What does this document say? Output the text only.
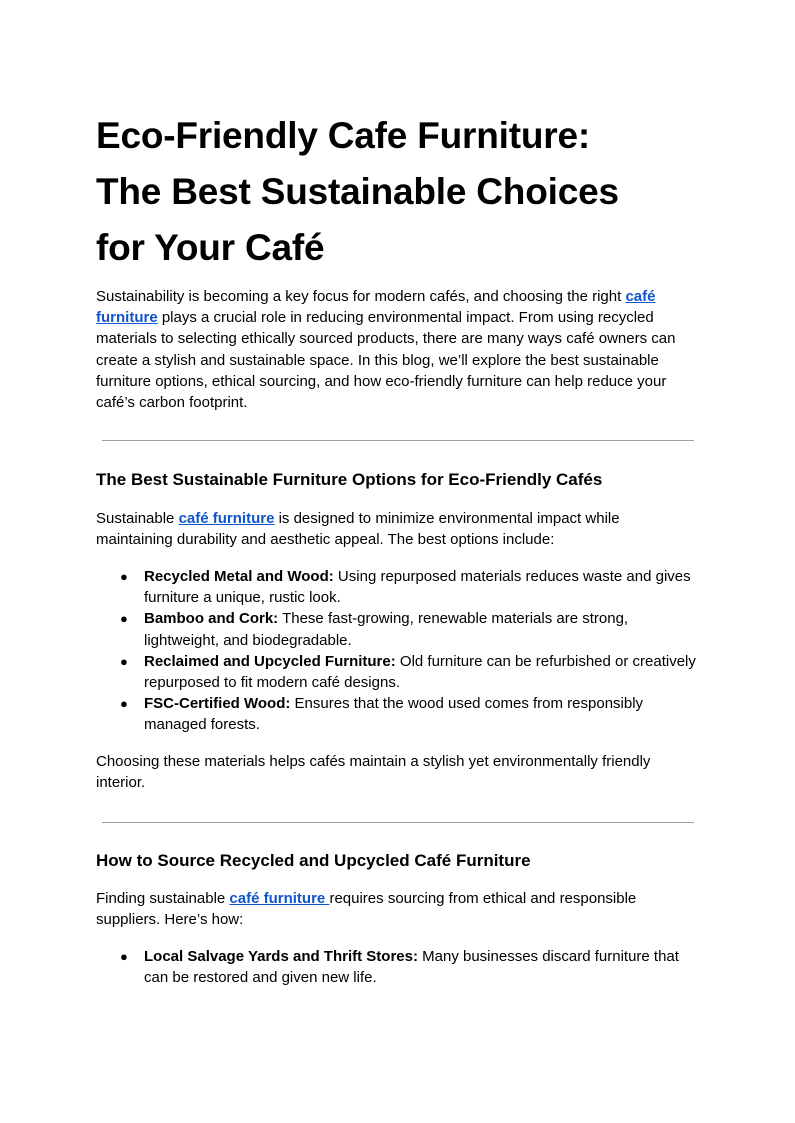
Eco-Friendly Cafe Furniture:
The Best Sustainable Choices
for Your Café

Sustainability is becoming a key focus for modern cafés, and choosing the right café furniture plays a crucial role in reducing environmental impact. From using recycled materials to selecting ethically sourced products, there are many ways café owners can create a stylish and sustainable space. In this blog, we’ll explore the best sustainable furniture options, ethical sourcing, and how eco-friendly furniture can help reduce your café’s carbon footprint.

The Best Sustainable Furniture Options for Eco-Friendly Cafés

Sustainable café furniture is designed to minimize environmental impact while maintaining durability and aesthetic appeal. The best options include:

● Recycled Metal and Wood: Using repurposed materials reduces waste and gives furniture a unique, rustic look.
● Bamboo and Cork: These fast-growing, renewable materials are strong, lightweight, and biodegradable.
● Reclaimed and Upcycled Furniture: Old furniture can be refurbished or creatively repurposed to fit modern café designs.
● FSC-Certified Wood: Ensures that the wood used comes from responsibly managed forests.

Choosing these materials helps cafés maintain a stylish yet environmentally friendly interior.

How to Source Recycled and Upcycled Café Furniture

Finding sustainable café furniture requires sourcing from ethical and responsible suppliers. Here’s how:

● Local Salvage Yards and Thrift Stores: Many businesses discard furniture that can be restored and given new life.
